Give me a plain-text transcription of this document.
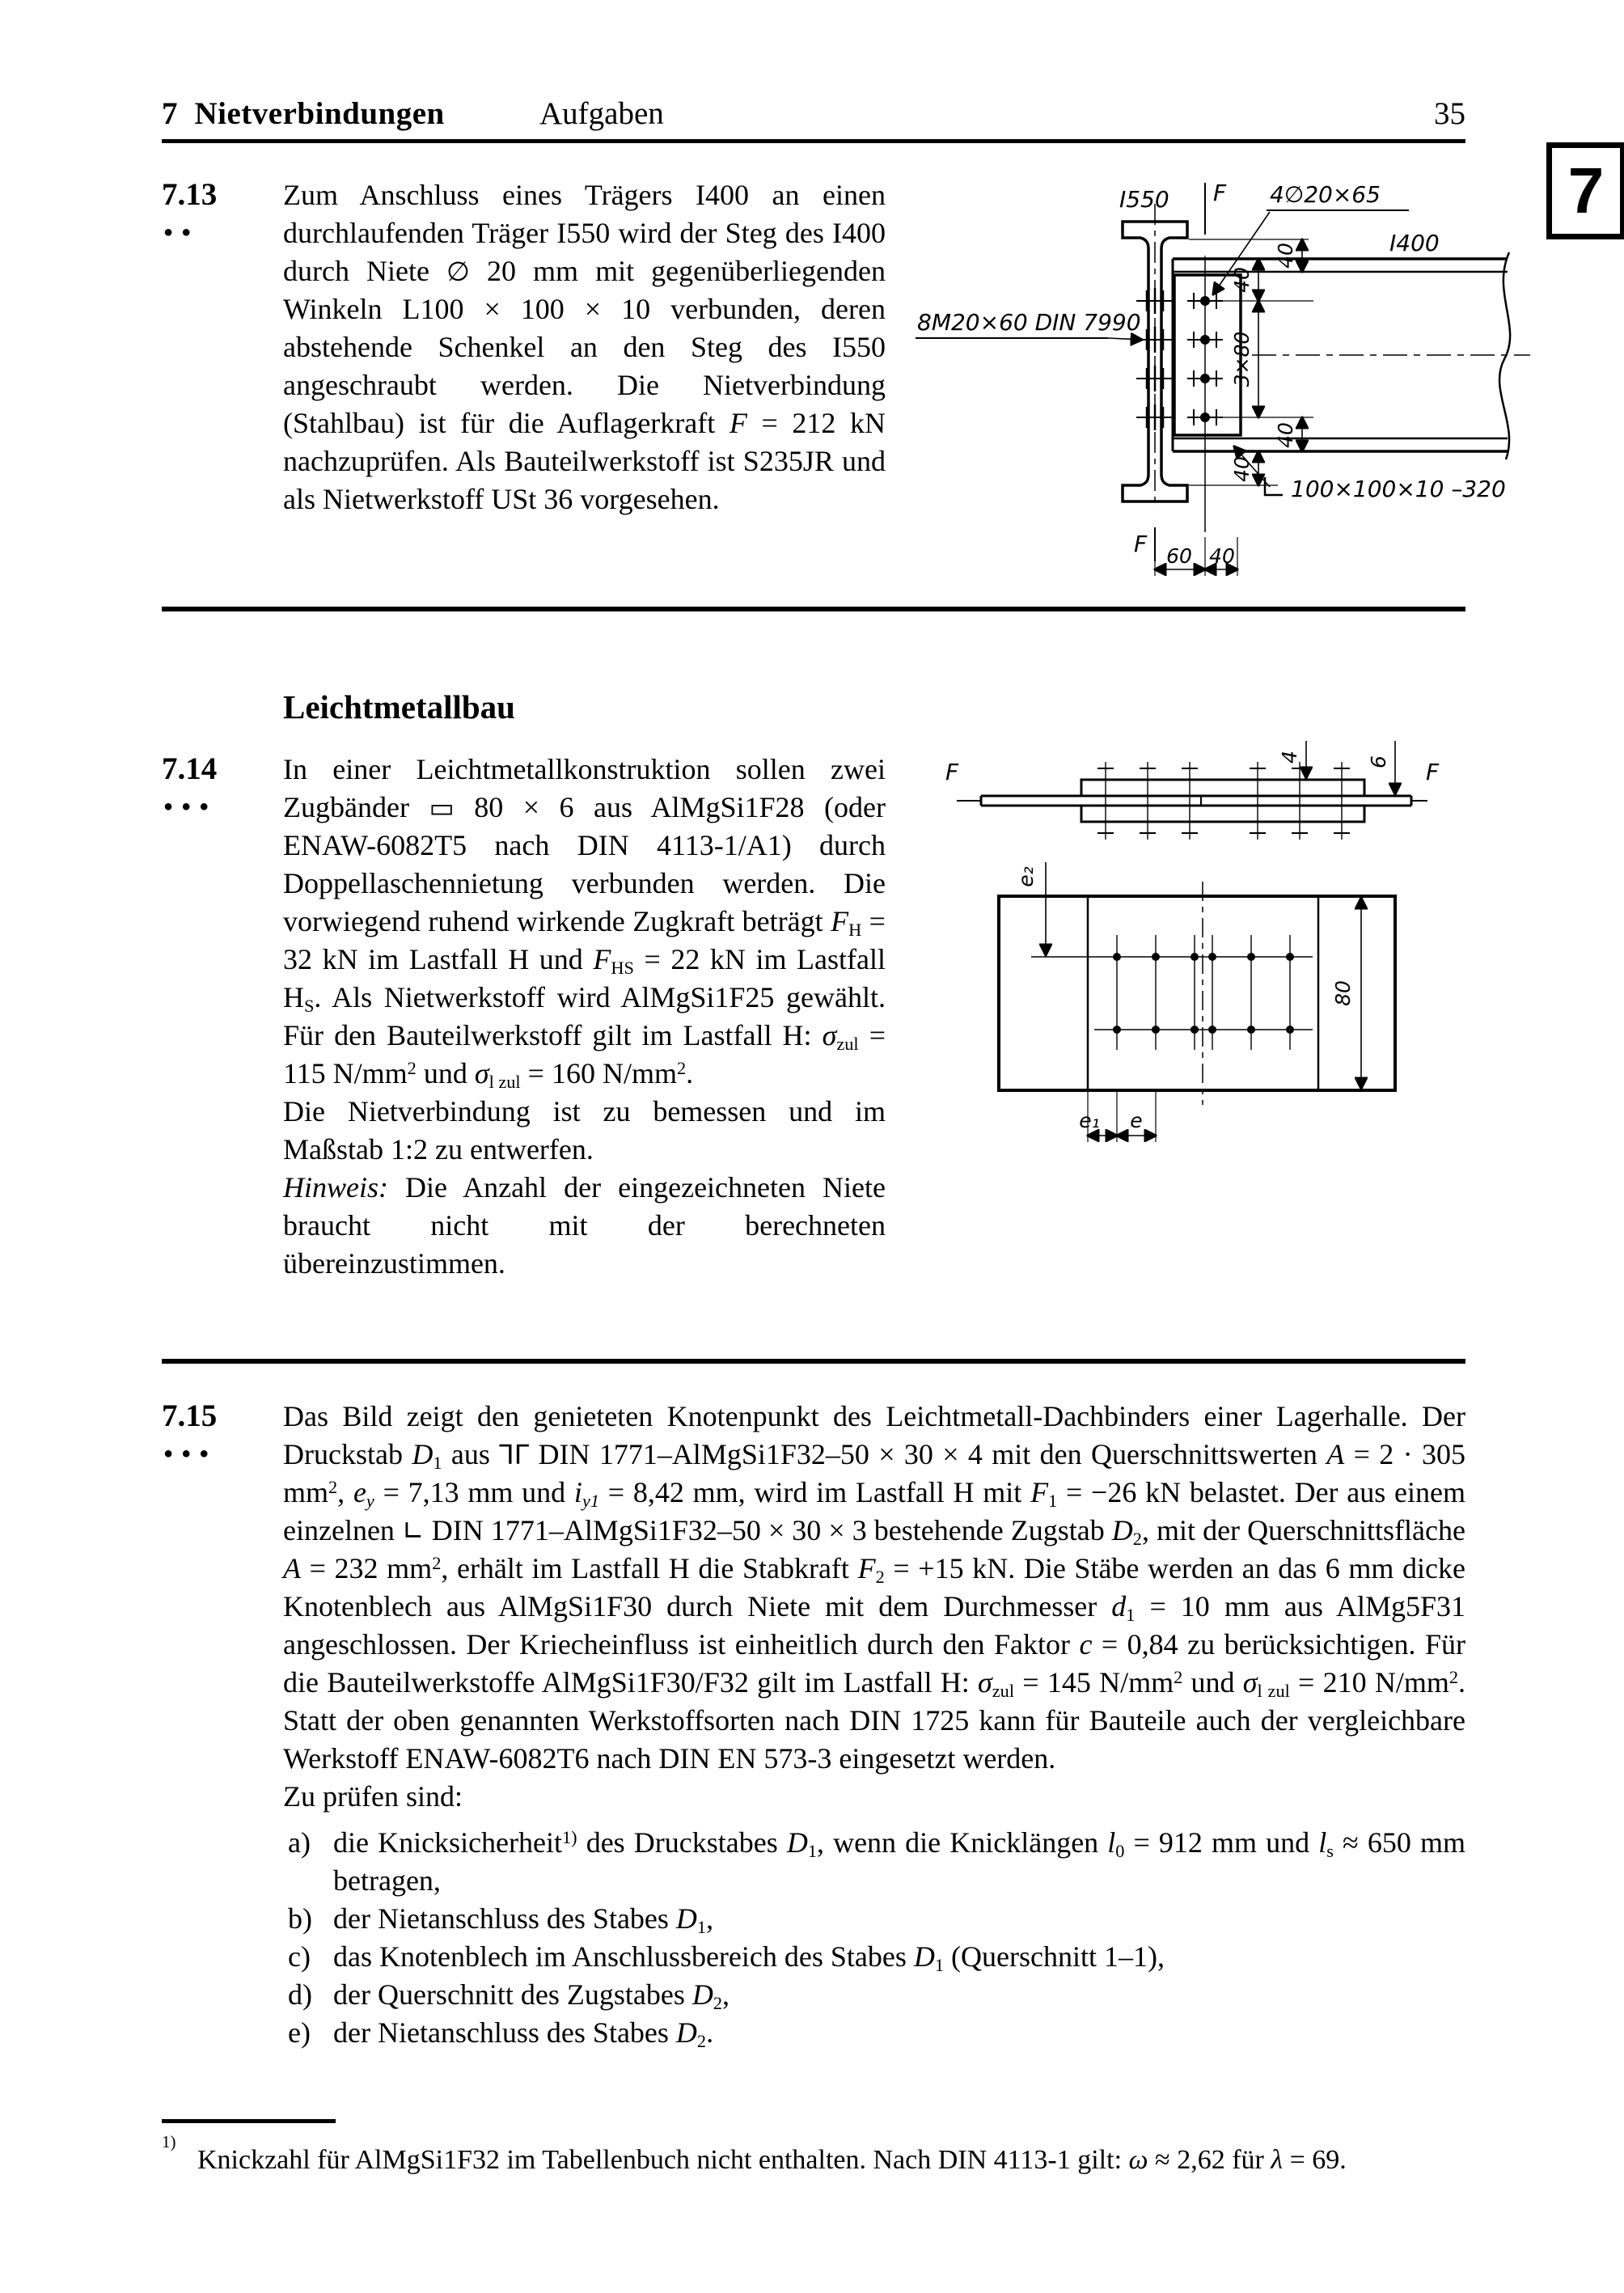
7 Nietverbindungen	Aufgaben	35
7
7.13
●●

Zum Anschluss eines Trägers I400 an einen durchlaufenden Träger I550 wird der Steg des I400 durch Niete ∅ 20 mm mit gegenüberliegenden Winkeln L100 × 100 × 10 verbunden, deren abstehende Schenkel an den Steg des I550 angeschraubt werden. Die Nietverbindung (Stahlbau) ist für die Auflagerkraft F = 212 kN nachzuprüfen. Als Bauteilwerkstoff ist S235JR und als Nietwerkstoff USt 36 vorgesehen.

F
F
I550	4∅20×65
I400
8M20×60 DIN 7990
40
40
3×80
40
40
100×100×10 –320
60 40
Leichtmetallbau
7.14
●●●

In einer Leichtmetallkonstruktion sollen zwei Zugbänder ▭ 80 × 6 aus AlMgSi1F28 (oder ENAW-6082T5 nach DIN 4113-1/A1) durch Doppellaschennietung verbunden werden. Die vorwiegend ruhend wirkende Zugkraft beträgt $F_H = 32$ kN im Lastfall H und $F_{HS} = 22$ kN im Lastfall $H_S$. Als Nietwerkstoff wird AlMgSi1F25 gewählt. Für den Bauteilwerkstoff gilt im Lastfall H: $\sigma_{zul} = 115$ $N/mm^2$ und $\sigma_{l zul} = 160$ $N/mm^2$.

Die Nietverbindung ist zu bemessen und im Maßstab 1:2 zu entwerfen.

Hinweis: Die Anzahl der eingezeichneten Niete braucht nicht mit der berechneten übereinzustimmen.

F	F
4	6
e₂
80
e₁ e
7.15
●●●

Das Bild zeigt den genieteten Knotenpunkt des Leichtmetall-Dachbinders einer Lagerhalle. Der Druckstab $D_1$ aus ⅂Γ DIN 1771–AlMgSi1F32–50 × 30 × 4 mit den Querschnittswerten A = 2 · 305 $mm^2$, $e_y = 7,13$ mm und $i_{y1} = 8,42$ mm, wird im Lastfall H mit $F_1 = -26$ kN belastet. Der aus einem einzelnen ∟ DIN 1771–AlMgSi1F32–50 × 30 × 3 bestehende Zugstab $D_2$, mit der Querschnittsfläche A = 232 $mm^2$, erhält im Lastfall H die Stabkraft $F_2 = +15$ kN. Die Stäbe werden an das 6 mm dicke Knotenblech aus AlMgSi1F30 durch Niete mit dem Durchmesser $d_1 = 10$ mm aus AlMg5F31 angeschlossen. Der Kriecheinfluss ist einheitlich durch den Faktor c = 0,84 zu berücksichtigen. Für die Bauteilwerkstoffe AlMgSi1F30/F32 gilt im Lastfall H: $\sigma_{zul} = 145$ $N/mm^2$ und $\sigma_{l zul} = 210$ $N/mm^2$. Statt der oben genannten Werkstoffsorten nach DIN 1725 kann für Bauteile auch der vergleichbare Werkstoff ENAW-6082T6 nach DIN EN 573-3 eingesetzt werden.

Zu prüfen sind:

a) die Knicksicherheit$^{1)}$ des Druckstabes $D_1$, wenn die Knicklängen $l_0 = 912$ mm und $l_s \approx 650$ mm betragen,
b) der Nietanschluss des Stabes $D_1$,
c) das Knotenblech im Anschlussbereich des Stabes $D_1$ (Querschnitt 1–1),
d) der Querschnitt des Zugstabes $D_2$,
e) der Nietanschluss des Stabes $D_2$.
1)
Knickzahl für AlMgSi1F32 im Tabellenbuch nicht enthalten. Nach DIN 4113-1 gilt: ω ≈ 2,62 für λ = 69.
